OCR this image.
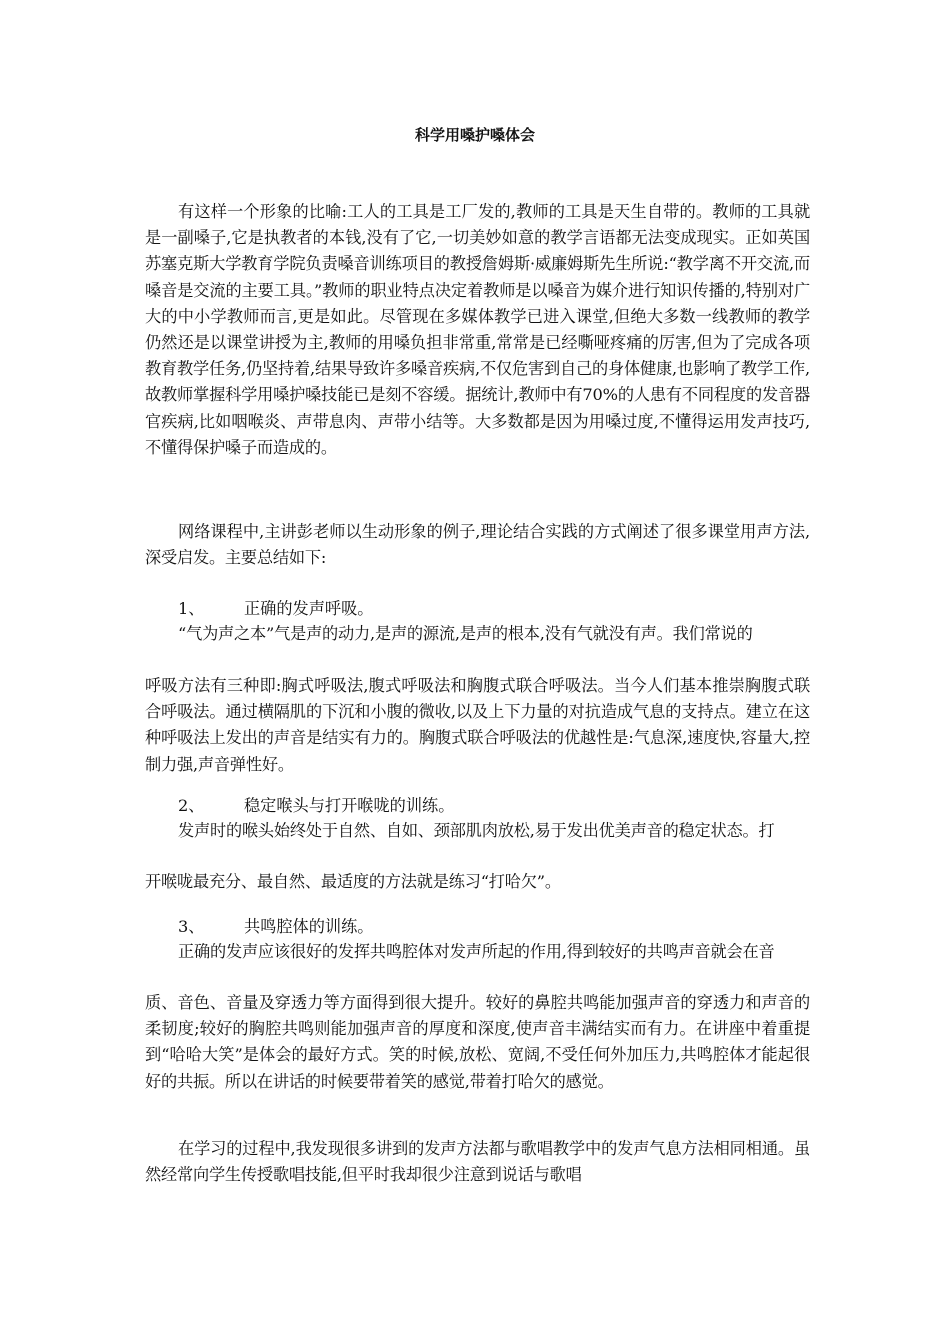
科学用嗓护嗓体会

有这样一个形象的比喻:工人的工具是工厂发的,教师的工具是天生自带的。教师的工具就是一副嗓子,它是执教者的本钱,没有了它,一切美妙如意的教学言语都无法变成现实。正如英国苏塞克斯大学教育学院负责嗓音训练项目的教授詹姆斯·威廉姆斯先生所说:“教学离不开交流,而嗓音是交流的主要工具。”教师的职业特点决定着教师是以嗓音为媒介进行知识传播的,特别对广大的中小学教师而言,更是如此。尽管现在多媒体教学已进入课堂,但绝大多数一线教师的教学仍然还是以课堂讲授为主,教师的用嗓负担非常重,常常是已经嘶哑疼痛的厉害,但为了完成各项教育教学任务,仍坚持着,结果导致许多嗓音疾病,不仅危害到自己的身体健康,也影响了教学工作,故教师掌握科学用嗓护嗓技能已是刻不容缓。据统计,教师中有70%的人患有不同程度的发音器官疾病,比如咽喉炎、声带息肉、声带小结等。大多数都是因为用嗓过度,不懂得运用发声技巧,不懂得保护嗓子而造成的。

网络课程中,主讲彭老师以生动形象的例子,理论结合实践的方式阐述了很多课堂用声方法,深受启发。主要总结如下:

1、 正确的发声呼吸。

“气为声之本”气是声的动力,是声的源流,是声的根本,没有气就没有声。我们常说的

呼吸方法有三种即:胸式呼吸法,腹式呼吸法和胸腹式联合呼吸法。当今人们基本推崇胸腹式联合呼吸法。通过横隔肌的下沉和小腹的微收,以及上下力量的对抗造成气息的支持点。建立在这种呼吸法上发出的声音是结实有力的。胸腹式联合呼吸法的优越性是:气息深,速度快,容量大,控制力强,声音弹性好。

2、 稳定喉头与打开喉咙的训练。

发声时的喉头始终处于自然、自如、颈部肌肉放松,易于发出优美声音的稳定状态。打

开喉咙最充分、最自然、最适度的方法就是练习“打哈欠”。

3、 共鸣腔体的训练。

正确的发声应该很好的发挥共鸣腔体对发声所起的作用,得到较好的共鸣声音就会在音

质、音色、音量及穿透力等方面得到很大提升。较好的鼻腔共鸣能加强声音的穿透力和声音的柔韧度;较好的胸腔共鸣则能加强声音的厚度和深度,使声音丰满结实而有力。在讲座中着重提到“哈哈大笑”是体会的最好方式。笑的时候,放松、宽阔,不受任何外加压力,共鸣腔体才能起很好的共振。所以在讲话的时候要带着笑的感觉,带着打哈欠的感觉。

在学习的过程中,我发现很多讲到的发声方法都与歌唱教学中的发声气息方法相同相通。虽然经常向学生传授歌唱技能,但平时我却很少注意到说话与歌唱
